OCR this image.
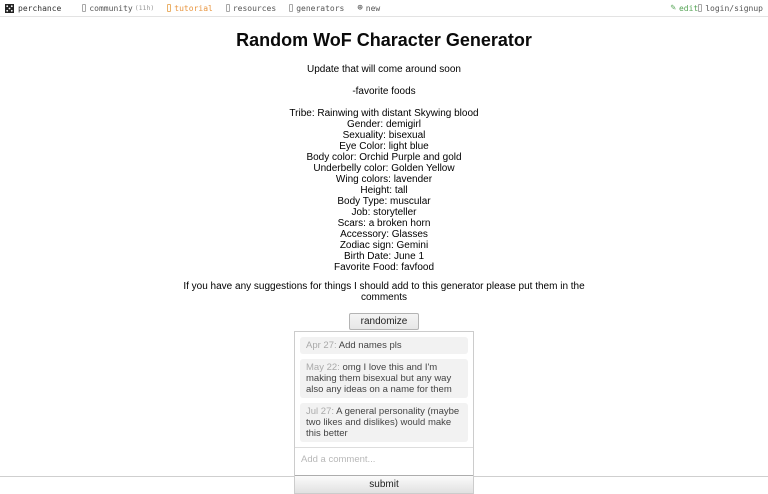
perchance	community (11h)	tutorial	resources	generators ⊕ new	✎ edit login/signup
Random WoF Character Generator
Update that will come around soon
-favorite foods
Tribe: Rainwing with distant Skywing blood
Gender: demigirl
Sexuality: bisexual
Eye Color: light blue
Body color: Orchid Purple and gold
Underbelly color: Golden Yellow
Wing colors: lavender
Height: tall
Body Type: muscular
Job: storyteller
Scars: a broken horn
Accessory: Glasses
Zodiac sign: Gemini
Birth Date: June 1
Favorite Food: favfood
If you have any suggestions for things I should add to this generator please put them in the
comments
randomize
Apr 27: Add names pls
May 22: omg I love this and I'm making them bisexual but any way also any ideas on a name for them
Jul 27: A general personality (maybe two likes and dislikes) would make this better
Add a comment...
submit
